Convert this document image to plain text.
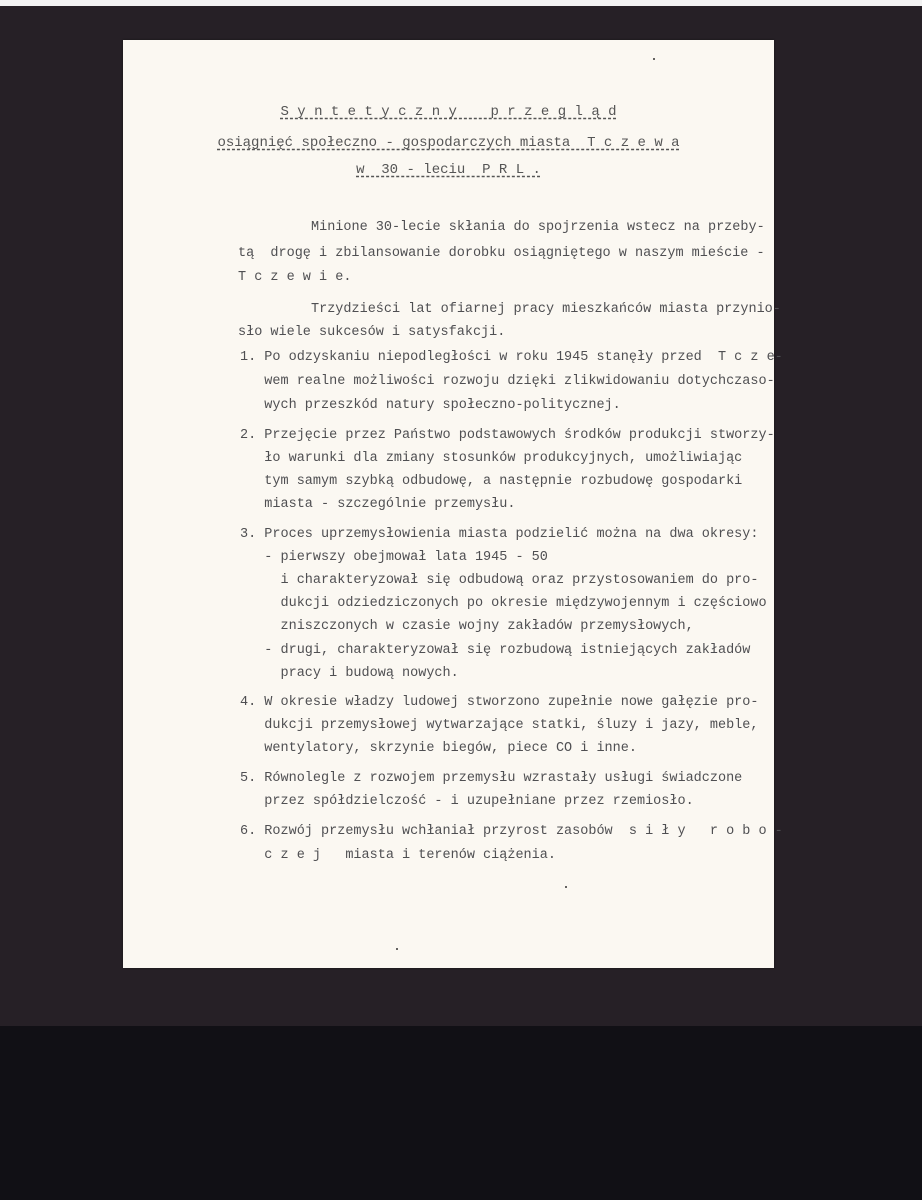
S y n t e t y c z n y    p r z e g l ą d
osiągnięć społeczno - gospodarczych miasta  T c z e w a
w  30 - leciu  P R L .
Minione 30-lecie skłania do spojrzenia wstecz na przeby-
tą  drogę i zbilansowanie dorobku osiągniętego w naszym mieście -
T c z e w i e.
Trzydzieści lat ofiarnej pracy mieszkańców miasta przynio-
sło wiele sukcesów i satysfakcji.
1. Po odzyskaniu niepodległości w roku 1945 stanęły przed  T c z e-
wem realne możliwości rozwoju dzięki zlikwidowaniu dotychczaso-
wych przeszkód natury społeczno-politycznej.
2. Przejęcie przez Państwo podstawowych środków produkcji stworzy-
ło warunki dla zmiany stosunków produkcyjnych, umożliwiając
tym samym szybką odbudowę, a następnie rozbudowę gospodarki
miasta - szczególnie przemysłu.
3. Proces uprzemysłowienia miasta podzielić można na dwa okresy:
- pierwszy obejmował lata 1945 - 50
i charakteryzował się odbudową oraz przystosowaniem do pro-
dukcji odziedziczonych po okresie międzywojennym i częściowo
zniszczonych w czasie wojny zakładów przemysłowych,
- drugi, charakteryzował się rozbudową istniejących zakładów
pracy i budową nowych.
4. W okresie władzy ludowej stworzono zupełnie nowe gałęzie pro-
dukcji przemysłowej wytwarzające statki, śluzy i jazy, meble,
wentylatory, skrzynie biegów, piece CO i inne.
5. Równolegle z rozwojem przemysłu wzrastały usługi świadczone
przez spółdzielczość - i uzupełniane przez rzemiosło.
6. Rozwój przemysłu wchłaniał przyrost zasobów  s i ł y   r o b o -
c z e j   miasta i terenów ciążenia.
